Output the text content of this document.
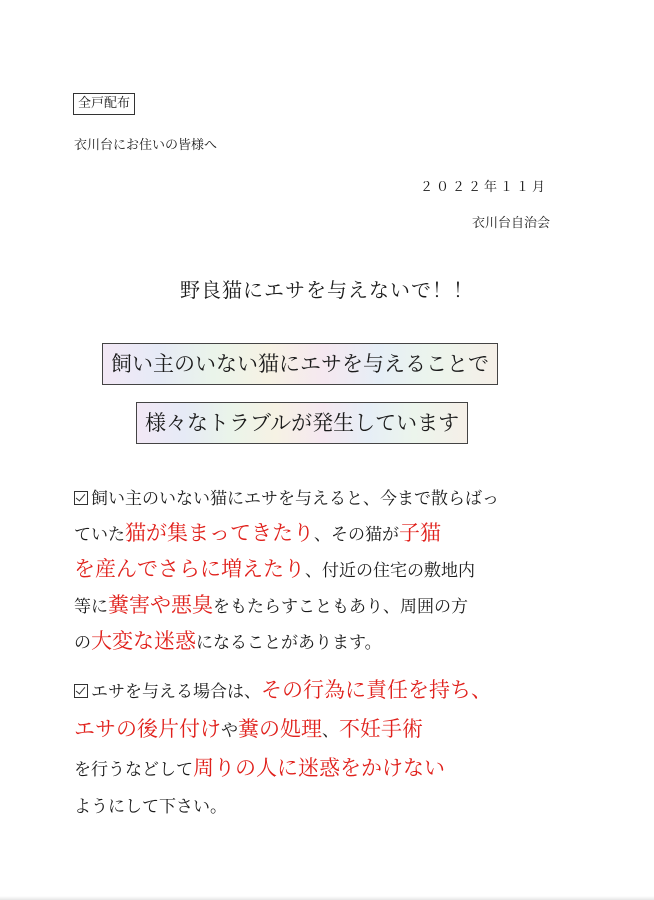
全戸配布
衣川台にお住いの皆様へ
２０２２年１１月
衣川台自治会
野良猫にエサを与えないで！！
飼い主のいない猫にエサを与えることで
様々なトラブルが発生しています
飼い主のいない猫にエサを与えると、今まで散らばっ
ていた猫が集まってきたり、その猫が子猫
を産んでさらに増えたり、付近の住宅の敷地内
等に糞害や悪臭をもたらすこともあり、周囲の方
の大変な迷惑になることがあります。
エサを与える場合は、その行為に責任を持ち、
エサの後片付けや糞の処理、不妊手術
を行うなどして周りの人に迷惑をかけない
ようにして下さい。
